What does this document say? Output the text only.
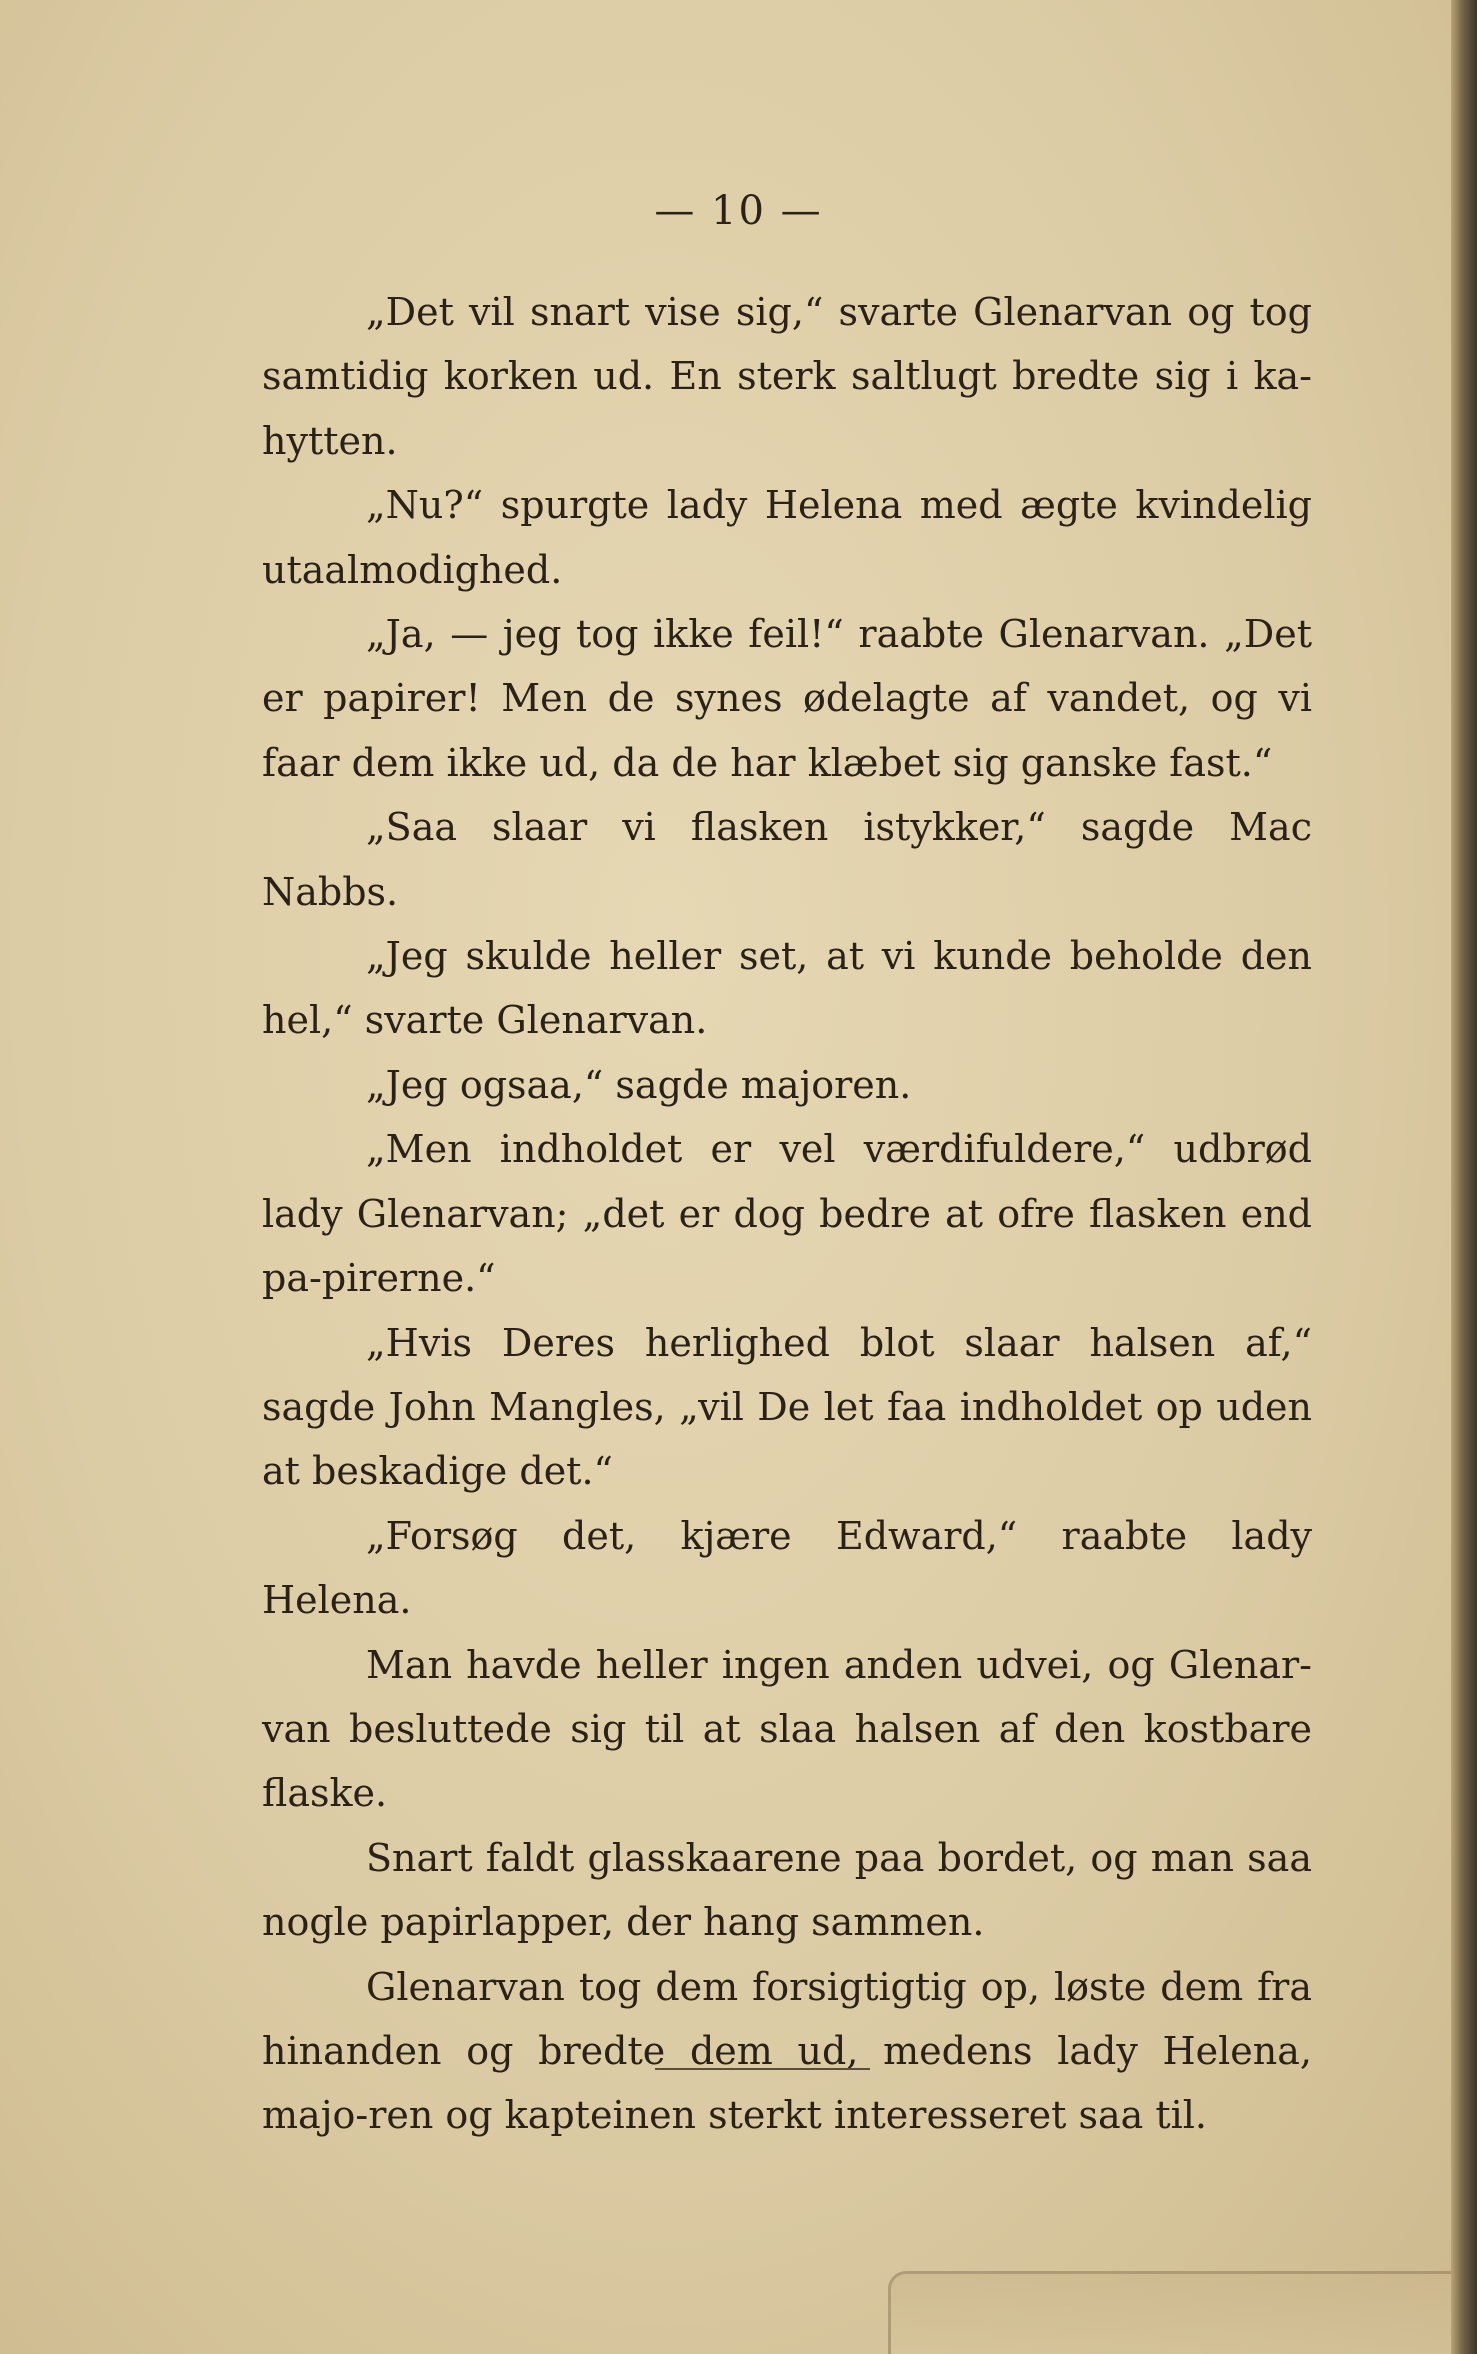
— 10 —

„Det vil snart vise sig,“ svarte Glenarvan og tog samtidig korken ud. En sterk saltlugt bredte sig i ka-hytten.

„Nu?“ spurgte lady Helena med ægte kvindelig utaalmodighed.

„Ja, — jeg tog ikke feil!“ raabte Glenarvan. „Det er papirer! Men de synes ødelagte af vandet, og vi faar dem ikke ud, da de har klæbet sig ganske fast.“

„Saa slaar vi flasken istykker,“ sagde Mac Nabbs.

„Jeg skulde heller set, at vi kunde beholde den hel,“ svarte Glenarvan.

„Jeg ogsaa,“ sagde majoren.

„Men indholdet er vel værdifuldere,“ udbrød lady Glenarvan; „det er dog bedre at ofre flasken end pa-pirerne.“

„Hvis Deres herlighed blot slaar halsen af,“ sagde John Mangles, „vil De let faa indholdet op uden at beskadige det.“

„Forsøg det, kjære Edward,“ raabte lady Helena.

Man havde heller ingen anden udvei, og Glenar-van besluttede sig til at slaa halsen af den kostbare flaske.

Snart faldt glasskaarene paa bordet, og man saa nogle papirlapper, der hang sammen.

Glenarvan tog dem forsigtigtig op, løste dem fra hinanden og bredte dem ud, medens lady Helena, majo-ren og kapteinen sterkt interesseret saa til.
